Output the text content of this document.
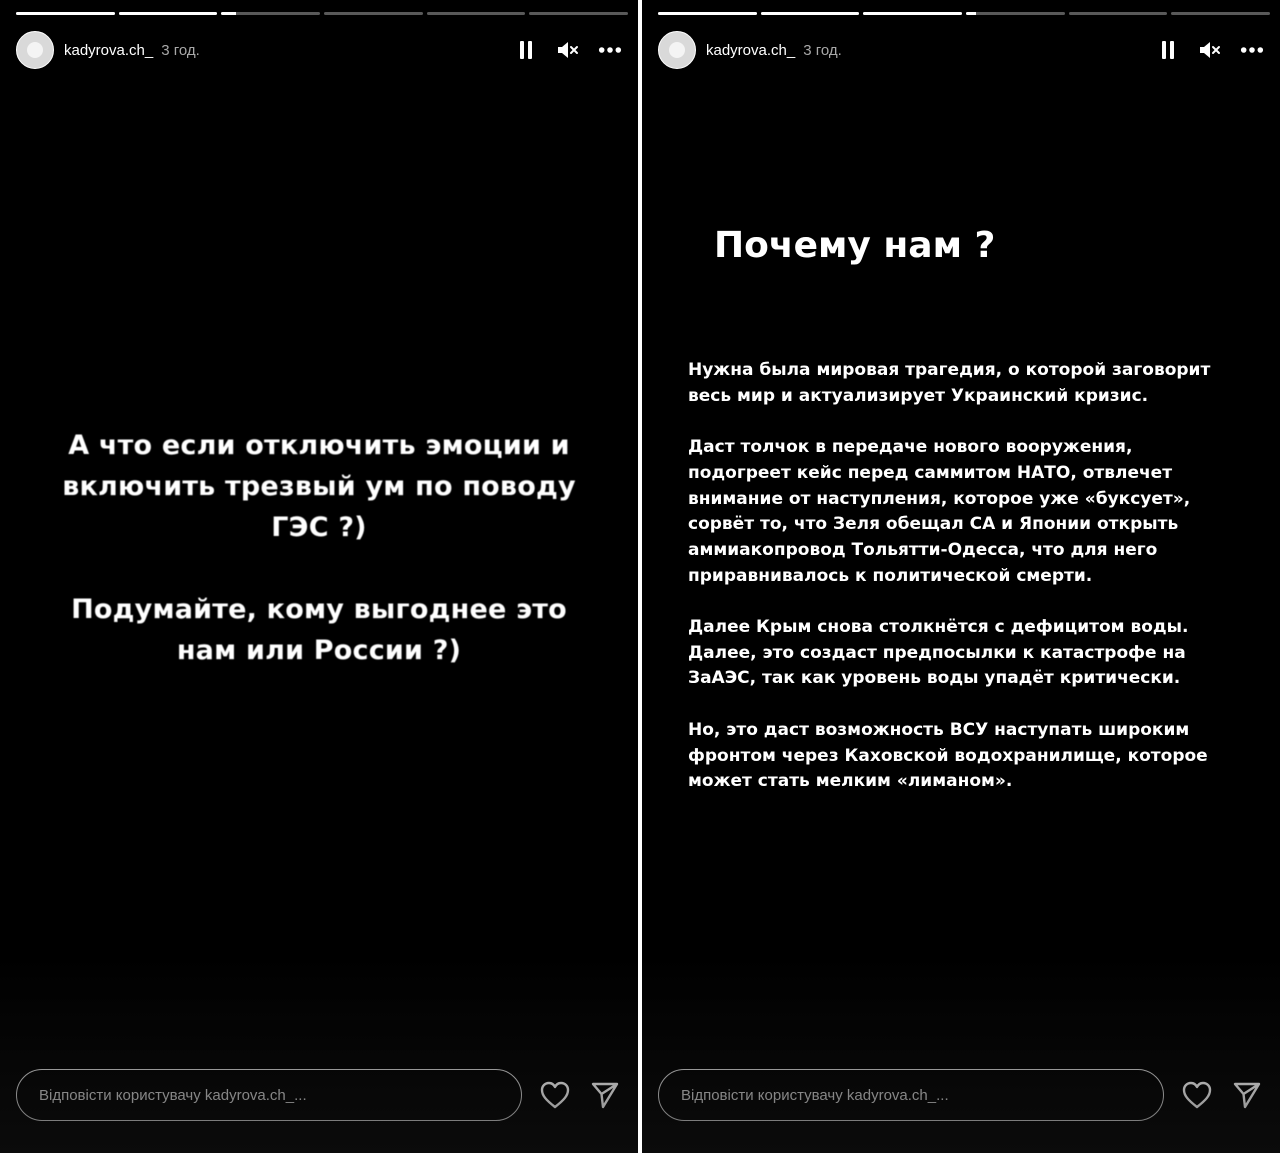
kadyrova.ch_ 3 год.

А что если отключить эмоции и

включить трезвый ум по поводу

ГЭС ?)

Подумайте, кому выгоднее это

нам или России ?)

Відповісти користувачу kadyrova.ch_...
kadyrova.ch_ 3 год.
Почему нам ?

Нужна была мировая трагедия, о которой заговорит
весь мир и актуализирует Украинский кризис.

Даст толчок в передаче нового вооружения,
подогреет кейс перед саммитом НАТО, отвлечет
внимание от наступления, которое уже «буксует»,
сорвёт то, что Зеля обещал СА и Японии открыть
аммиакопровод Тольятти-Одесса, что для него
приравнивалось к политической смерти.

Далее Крым снова столкнётся с дефицитом воды.
Далее, это создаст предпосылки к катастрофе на
ЗаАЭС, так как уровень воды упадёт критически.

Но, это даст возможность ВСУ наступать широким
фронтом через Каховской водохранилище, которое
может стать мелким «лиманом».

Відповісти користувачу kadyrova.ch_...
